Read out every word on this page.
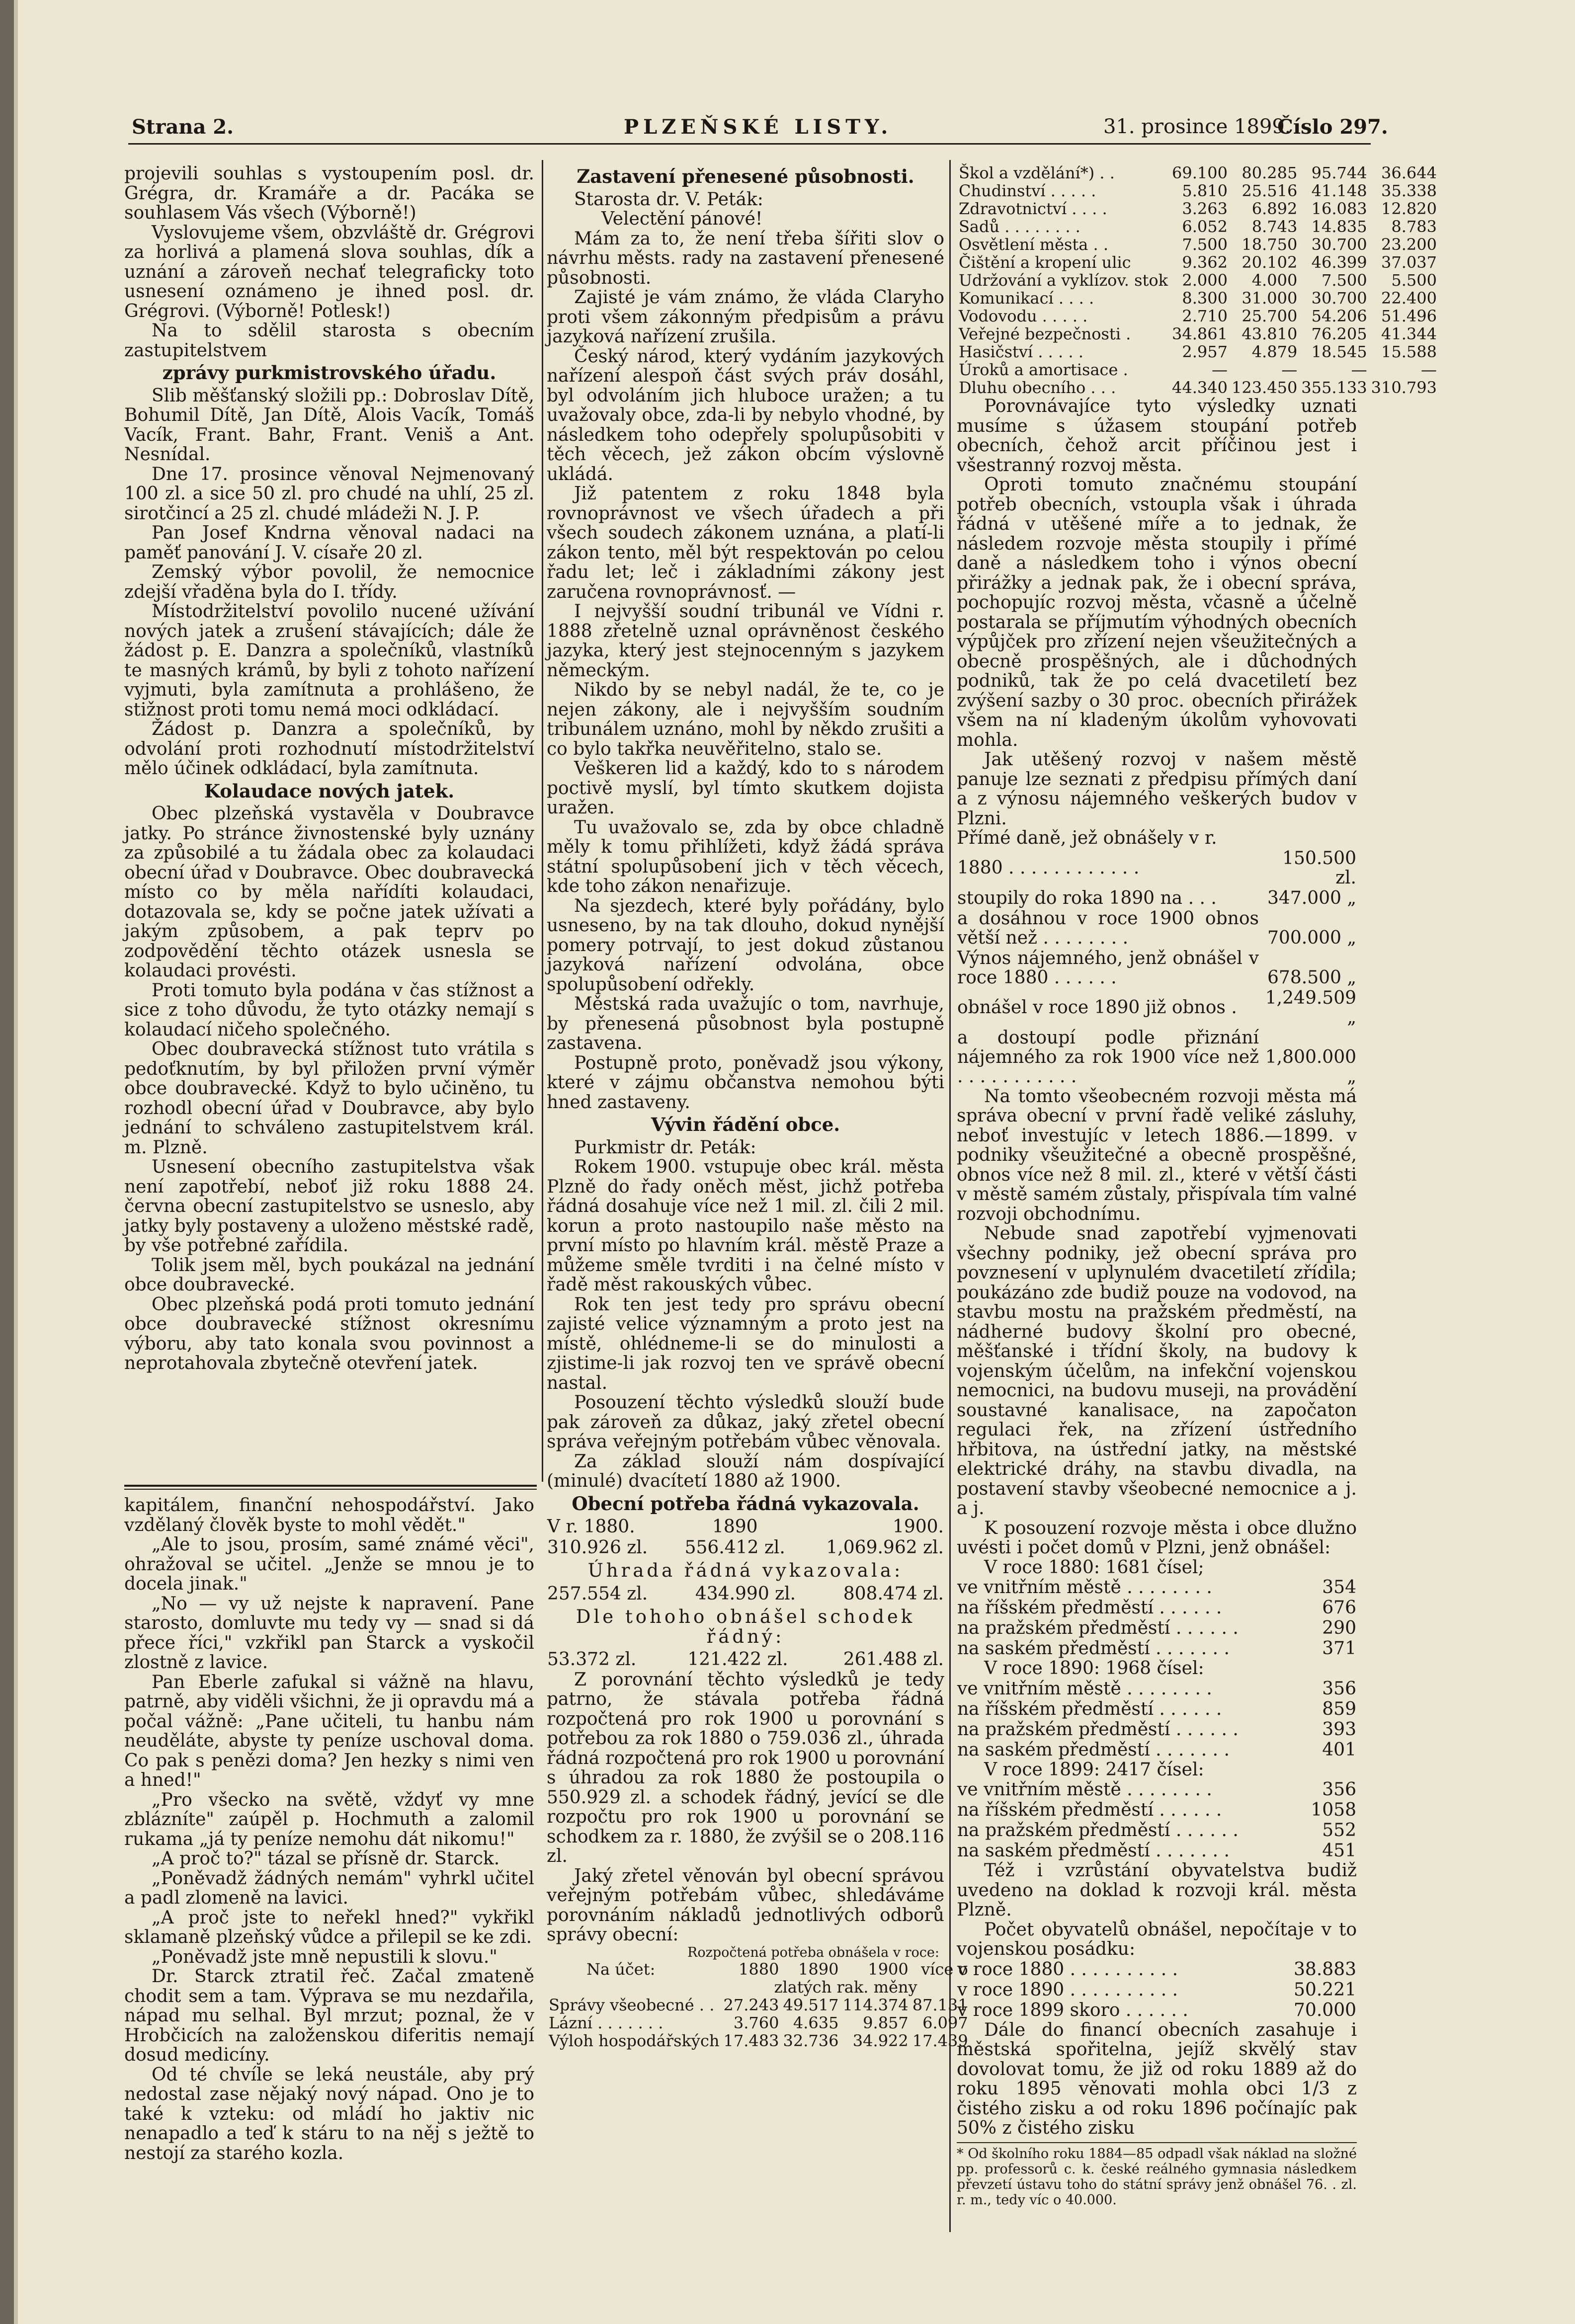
Strana 2.	PLZEŇSKÉ LISTY.	31. prosince 1899.
Číslo 297.

projevili souhlas s vystoupením posl. dr. Grégra, dr. Kramáře a dr. Pacáka se souhlasem Vás všech (Výborně!)

Vyslovujeme všem, obzvláště dr. Grégrovi za horlivá a plamená slova souhlas, dík a uznání a zároveň nechať telegraficky toto usnesení oznámeno je ihned posl. dr. Grégrovi. (Výborně! Potlesk!)

Na to sdělil starosta s obecním zastupitelstvem

zprávy purkmistrovského úřadu.

Slib měšťanský složili pp.: Dobroslav Dítě, Bohumil Dítě, Jan Dítě, Alois Vacík, Tomáš Vacík, Frant. Bahr, Frant. Veniš a Ant. Nesnídal.

Dne 17. prosince věnoval Nejmenovaný 100 zl. a sice 50 zl. pro chudé na uhlí, 25 zl. sirotčincí a 25 zl. chudé mládeži N. J. P.

Pan Josef Kndrna věnoval nadaci na paměť panování J. V. císaře 20 zl.

Zemský výbor povolil, že nemocnice zdejší vřaděna byla do I. třídy.

Místodržitelství povolilo nucené užívání nových jatek a zrušení stávajících; dále že žádost p. E. Danzra a společníků, vlastníků te masných krámů, by byli z tohoto nařízení vyjmuti, byla zamítnuta a prohlášeno, že stižnost proti tomu nemá moci odkládací.

Žádost p. Danzra a společníků, by odvolání proti rozhodnutí místodržitelství mělo účinek odkládací, byla zamítnuta.

Kolaudace nových jatek.

Obec plzeňská vystavěla v Doubravce jatky. Po stránce živnostenské byly uznány za způsobilé a tu žádala obec za kolaudaci obecní úřad v Doubravce. Obec doubravecká místo co by měla nařídíti kolaudaci, dotazovala se, kdy se počne jatek užívati a jakým způsobem, a pak teprv po zodpovědění těchto otázek usnesla se kolaudaci provésti.

Proti tomuto byla podána v čas stížnost a sice z toho důvodu, že tyto otázky nemají s kolaudací ničeho společného.

Obec doubravecká stížnost tuto vrátila s pedoťknutím, by byl přiložen první výměr obce doubravecké. Když to bylo učiněno, tu rozhodl obecní úřad v Doubravce, aby bylo jednání to schváleno zastupitelstvem král. m. Plzně.

Usnesení obecního zastupitelstva však není zapotřebí, neboť již roku 1888 24. června obecní zastupitelstvo se usneslo, aby jatky byly postaveny a uloženo městské radě, by vše potřebné zařídila.

Tolik jsem měl, bych poukázal na jednání obce doubravecké.

Obec plzeňská podá proti tomuto jednání obce doubravecké stížnost okresnímu výboru, aby tato konala svou povinnost a neprotahovala zbytečně otevření jatek.

kapitálem, finanční nehospodářství. Jako vzdělaný člověk byste to mohl vědět."

„Ale to jsou, prosím, samé známé věci", ohražoval se učitel. „Jenže se mnou je to docela jinak."

„No — vy už nejste k napravení. Pane starosto, domluvte mu tedy vy — snad si dá přece říci," vzkřikl pan Starck a vyskočil zlostně z lavice.

Pan Eberle zafukal si vážně na hlavu, patrně, aby viděli všichni, že ji opravdu má a počal vážně: „Pane učiteli, tu hanbu nám neuděláte, abyste ty peníze uschoval doma. Co pak s penězi doma? Jen hezky s nimi ven a hned!"

„Pro všecko na světě, vždyť vy mne zblázníte" zaúpěl p. Hochmuth a zalomil rukama „já ty peníze nemohu dát nikomu!"

„A proč to?" tázal se přísně dr. Starck.

„Poněvadž žádných nemám" vyhrkl učitel a padl zlomeně na lavici.

„A proč jste to neřekl hned?" vykřikl sklamaně plzeňský vůdce a přilepil se ke zdi.

„Poněvadž jste mně nepustili k slovu."

Dr. Starck ztratil řeč. Začal zmateně chodit sem a tam. Výprava se mu nezdařila, nápad mu selhal. Byl mrzut; poznal, že v Hrobčicích na založenskou diferitis nemají dosud medicíny.

Od té chvíle se leká neustále, aby prý nedostal zase nějaký nový nápad. Ono je to také k vzteku: od mládí ho jaktiv nic nenapadlo a teď k stáru to na něj s ježtě to nestojí za starého kozla.

Zastavení přenesené působnosti.

Starosta dr. V. Peták:

Velectění pánové!

Mám za to, že není třeba šířiti slov o návrhu městs. rady na zastavení přenesené působnosti.

Zajisté je vám známo, že vláda Claryho proti všem zákonným předpisům a právu jazyková nařízení zrušila.

Český národ, který vydáním jazykových nařízení alespoň část svých práv dosáhl, byl odvoláním jich hluboce uražen; a tu uvažovaly obce, zda-li by nebylo vhodné, by následkem toho odepřely spolupůsobiti v těch věcech, jež zákon obcím výslovně ukládá.

Již patentem z roku 1848 byla rovnoprávnost ve všech úřadech a při všech soudech zákonem uznána, a platí-li zákon tento, měl být respektován po celou řadu let; leč i základními zákony jest zaručena rovnoprávnosť. —

I nejvyšší soudní tribunál ve Vídni r. 1888 zřetelně uznal oprávněnost českého jazyka, který jest stejnocenným s jazykem německým.

Nikdo by se nebyl nadál, že te, co je nejen zákony, ale i nejvyšším soudním tribunálem uznáno, mohl by někdo zrušiti a co bylo takřka neuvěřitelno, stalo se.

Veškeren lid a každý, kdo to s národem poctivě myslí, byl tímto skutkem dojista uražen.

Tu uvažovalo se, zda by obce chladně měly k tomu přihlížeti, když žádá správa státní spolupůsobení jich v těch věcech, kde toho zákon nenařizuje.

Na sjezdech, které byly pořádány, bylo usneseno, by na tak dlouho, dokud nynější pomery potrvají, to jest dokud zůstanou jazyková nařízení odvolána, obce spolupůsobení odřekly.

Městská rada uvažujíc o tom, navrhuje, by přenesená působnost byla postupně zastavena.

Postupně proto, poněvadž jsou výkony, které v zájmu občanstva nemohou býti hned zastaveny.

Vývin řádění obce.

Purkmistr dr. Peták:

Rokem 1900. vstupuje obec král. města Plzně do řady oněch měst, jichž potřeba řádná dosahuje více než 1 mil. zl. čili 2 mil. korun a proto nastoupilo naše město na první místo po hlavním král. městě Praze a můžeme směle tvrditi i na čelné místo v řadě měst rakouských vůbec.

Rok ten jest tedy pro správu obecní zajisté velice významným a proto jest na místě, ohlédneme-li se do minulosti a zjistime-li jak rozvoj ten ve správě obecní nastal.

Posouzení těchto výsledků slouží bude pak zároveň za důkaz, jaký zřetel obecní správa veřejným potřebám vůbec věnovala.

Za základ slouží nám dospívající (minulé) dvacítetí 1880 až 1900.

Obecní potřeba řádná vykazovala.
V r. 1880.	1890	1900.
310.926 zl.	556.412 zl.	1,069.962 zl.
Úhrada řádná vykazovala:
257.554 zl.	434.990 zl.	808.474 zl.
Dle tohoho obnášel schodek řádný:
53.372 zl.	121.422 zl.	261.488 zl.

Z porovnání těchto výsledků je tedy patrno, že stávala potřeba řádná rozpočtená pro rok 1900 u porovnání s potřebou za rok 1880 o 759.036 zl., úhrada řádná rozpočtená pro rok 1900 u porovnání s úhradou za rok 1880 že postoupila o 550.929 zl. a schodek řádný, jevící se dle rozpočtu pro rok 1900 u porovnání se schodkem za r. 1880, že zvýšil se o 208.116 zl.

Jaký zřetel věnován byl obecní správou veřejným potřebám vůbec, shledáváme porovnáním nákladů jednotlivých odborů správy obecní:

Rozpočtená potřeba obnášela v roce:
Na účet:	1880	1890	1900	více o
	zlatých rak. měny			
Správy všeobecné . .	27.243	49.517	114.374	87.131
Lázní . . . . . . .	3.760	4.635	9.857	6.097
Výloh hospodářských	17.483	32.736	34.922	17.439
Škol a vzdělání*) . .	69.100	80.285	95.744	36.644
Chudinství . . . . .	5.810	25.516	41.148	35.338
Zdravotnictví . . . .	3.263	6.892	16.083	12.820
Sadů . . . . . . . .	6.052	8.743	14.835	8.783
Osvětlení města . .	7.500	18.750	30.700	23.200
Čištění a kropení ulic	9.362	20.102	46.399	37.037
Udržování a vyklízov. stok	2.000	4.000	7.500	5.500
Komunikací . . . .	8.300	31.000	30.700	22.400
Vodovodu . . . . .	2.710	25.700	54.206	51.496
Veřejné bezpečnosti .	34.861	43.810	76.205	41.344
Hasičství . . . . .	2.957	4.879	18.545	15.588
Úroků a amortisace .	—	—	—	—
Dluhu obecního . . .	44.340	123.450	355.133	310.793

Porovnávajíce tyto výsledky uznati musíme s úžasem stoupání potřeb obecních, čehož arcit příčinou jest i všestranný rozvoj města.

Oproti tomuto značnému stoupání potřeb obecních, vstoupla však i úhrada řádná v utěšené míře a to jednak, že následem rozvoje města stoupily i přímé daně a následkem toho i výnos obecní přirážky a jednak pak, že i obecní správa, pochopujíc rozvoj města, včasně a účelně postarala se příjmutím výhodných obecních výpůjček pro zřízení nejen všeužitečných a obecně prospěšných, ale i důchodných podniků, tak že po celá dvacetiletí bez zvýšení sazby o 30 proc. obecních přirážek všem na ní kladeným úkolům vyhovovati mohla.

Jak utěšený rozvoj v našem městě panuje lze seznati z předpisu přímých daní a z výnosu nájemného veškerých budov v Plzni.

Přímé daně, jež obnášely v r.

1880 . . . . . . . . . . . .	150.500 zl.
stoupily do roka 1890 na . . .	347.000 „
a dosáhnou v roce 1900 obnos větší než . . . . . . . .	700.000 „
Výnos nájemného, jenž obnášel v roce 1880 . . . . . .	678.500 „
obnášel v roce 1890 již obnos .	1,249.509 „
a dostoupí podle přiznání nájemného za rok 1900 více než . . . . . . . . . . .	1,800.000 „

Na tomto všeobecném rozvoji města má správa obecní v první řadě veliké zásluhy, neboť investujíc v letech 1886.—1899. v podniky všeužitečné a obecně prospěšné, obnos více než 8 mil. zl., které v větší části v městě samém zůstaly, přispívala tím valné rozvoji obchodnímu.

Nebude snad zapotřebí vyjmenovati všechny podniky, jež obecní správa pro povznesení v uplynulém dvacetiletí zřídila; poukázáno zde budiž pouze na vodovod, na stavbu mostu na pražském předměstí, na nádherné budovy školní pro obecné, měšťanské i třídní školy, na budovy k vojenským účelům, na infekční vojenskou nemocnici, na budovu museji, na provádění soustavné kanalisace, na započaton regulaci řek, na zřízení ústředního hřbitova, na ústřední jatky, na městské elektrické dráhy, na stavbu divadla, na postavení stavby všeobecné nemocnice a j. a j.

K posouzení rozvoje města i obce dlužno uvésti i počet domů v Plzni, jenž obnášel:

V roce 1880: 1681 čísel;

ve vnitřním městě . . . . . . . .	354
na říšském předměstí . . . . . .	676
na pražském předměstí . . . . . .	290
na saském předměstí . . . . . . .	371

V roce 1890: 1968 čísel:

ve vnitřním městě . . . . . . . .	356
na říšském předměstí . . . . . .	859
na pražském předměstí . . . . . .	393
na saském předměstí . . . . . . .	401

V roce 1899: 2417 čísel:

ve vnitřním městě . . . . . . . .	356
na říšském předměstí . . . . . .	1058
na pražském předměstí . . . . . .	552
na saském předměstí . . . . . . .	451

Též i vzrůstání obyvatelstva budiž uvedeno na doklad k rozvoji král. města Plzně.

Počet obyvatelů obnášel, nepočítaje v to vojenskou posádku:

v roce 1880 . . . . . . . . . .	38.883
v roce 1890 . . . . . . . . . .	50.221
v roce 1899 skoro . . . . . .	70.000

Dále do financí obecních zasahuje i městská spořitelna, jejíž skvělý stav dovolovat tomu, že již od roku 1889 až do roku 1895 věnovati mohla obci 1/3 z čistého zisku a od roku 1896 počínajíc pak 50% z čistého zisku

* Od školního roku 1884—85 odpadl však náklad na složné pp. professorů c. k. české reálného gymnasia následkem převzetí ústavu toho do státní správy jenž obnášel 76. . zl. r. m., tedy víc o 40.000.
